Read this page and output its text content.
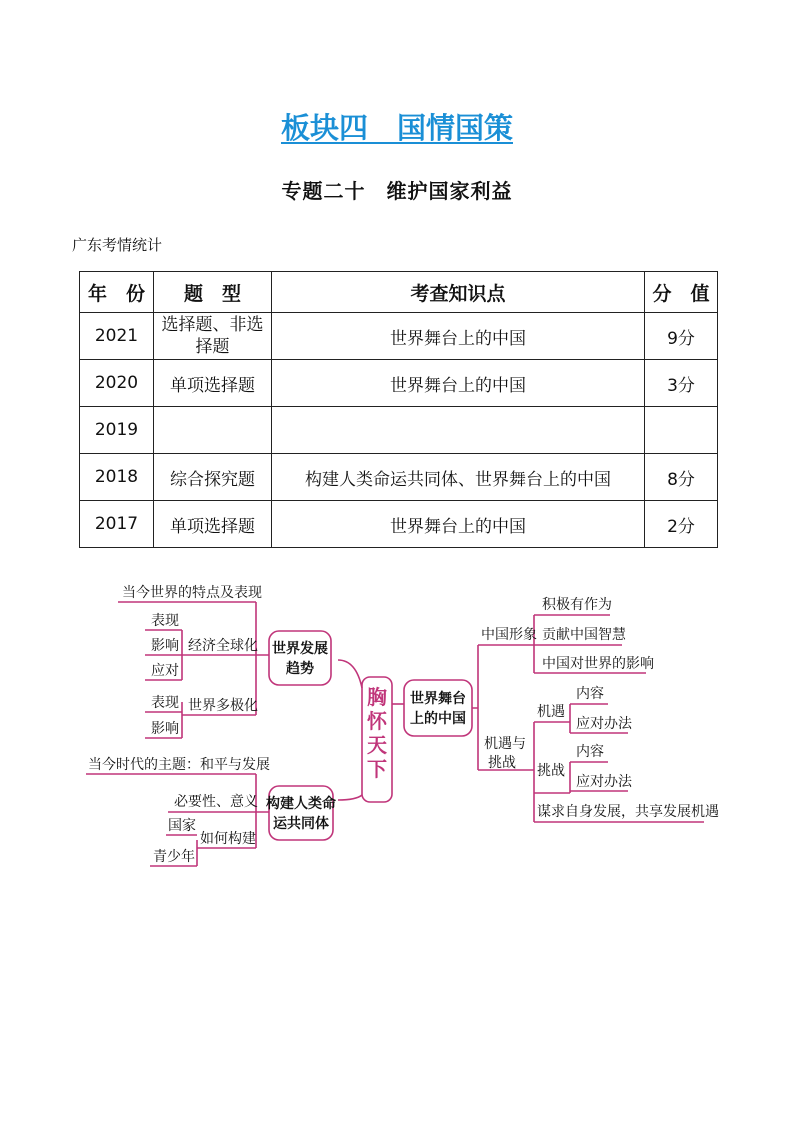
板块四　国情国策
专题二十　维护国家利益
广东考情统计
年　份	题　型	考查知识点	分　值
2021	选择题、非选择题	世界舞台上的中国	9分
2020	单项选择题	世界舞台上的中国	3分
2019			
2018	综合探究题	构建人类命运共同体、世界舞台上的中国	8分
2017	单项选择题	世界舞台上的中国	2分
胸
怀
天
下
世界发展
趋势
构建人类命
运共同体
世界舞台
上的中国
当今世界的特点及表现
经济全球化
表现
影响
应对
世界多极化
表现
影响
当今时代的主题：和平与发展
必要性、意义
如何构建
国家
青少年
中国形象
积极有作为
贡献中国智慧
中国对世界的影响
机遇与
挑战
机遇
内容
应对办法
挑战
内容
应对办法
谋求自身发展，共享发展机遇
